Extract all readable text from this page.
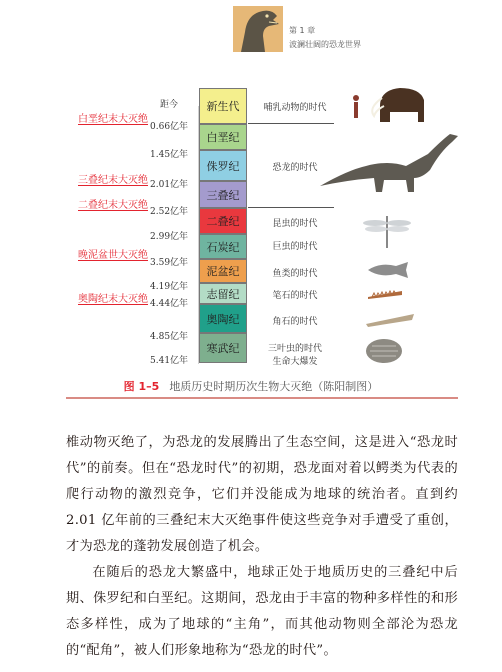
第 1 章
波澜壮阔的恐龙世界
距今
0.66亿年
1.45亿年
2.01亿年
2.52亿年
2.99亿年
3.59亿年
4.19亿年
4.44亿年
4.85亿年
5.41亿年
新生代
白垩纪
侏罗纪
三叠纪
二叠纪
石炭纪
泥盆纪
志留纪
奥陶纪
寒武纪
白垩纪末大灭绝
三叠纪末大灭绝
二叠纪末大灭绝
晚泥盆世大灭绝
奥陶纪末大灭绝
哺乳动物的时代
恐龙的时代
昆虫的时代
巨虫的时代
鱼类的时代
笔石的时代
角石的时代
三叶虫的时代
生命大爆发
图 1–5 地质历史时期历次生物大灭绝（陈阳制图）
椎动物灭绝了，为恐龙的发展腾出了生态空间，这是进入“恐龙时代”的前奏。但在“恐龙时代”的初期，恐龙面对着以鳄类为代表的爬行动物的激烈竞争，它们并没能成为地球的统治者。直到约 2.01 亿年前的三叠纪末大灭绝事件使这些竞争对手遭受了重创，才为恐龙的蓬勃发展创造了机会。
在随后的恐龙大繁盛中，地球正处于地质历史的三叠纪中后期、侏罗纪和白垩纪。这期间，恐龙由于丰富的物种多样性的和形态多样性，成为了地球的“主角”，而其他动物则全部沦为恐龙的“配角”，被人们形象地称为“恐龙的时代”。
